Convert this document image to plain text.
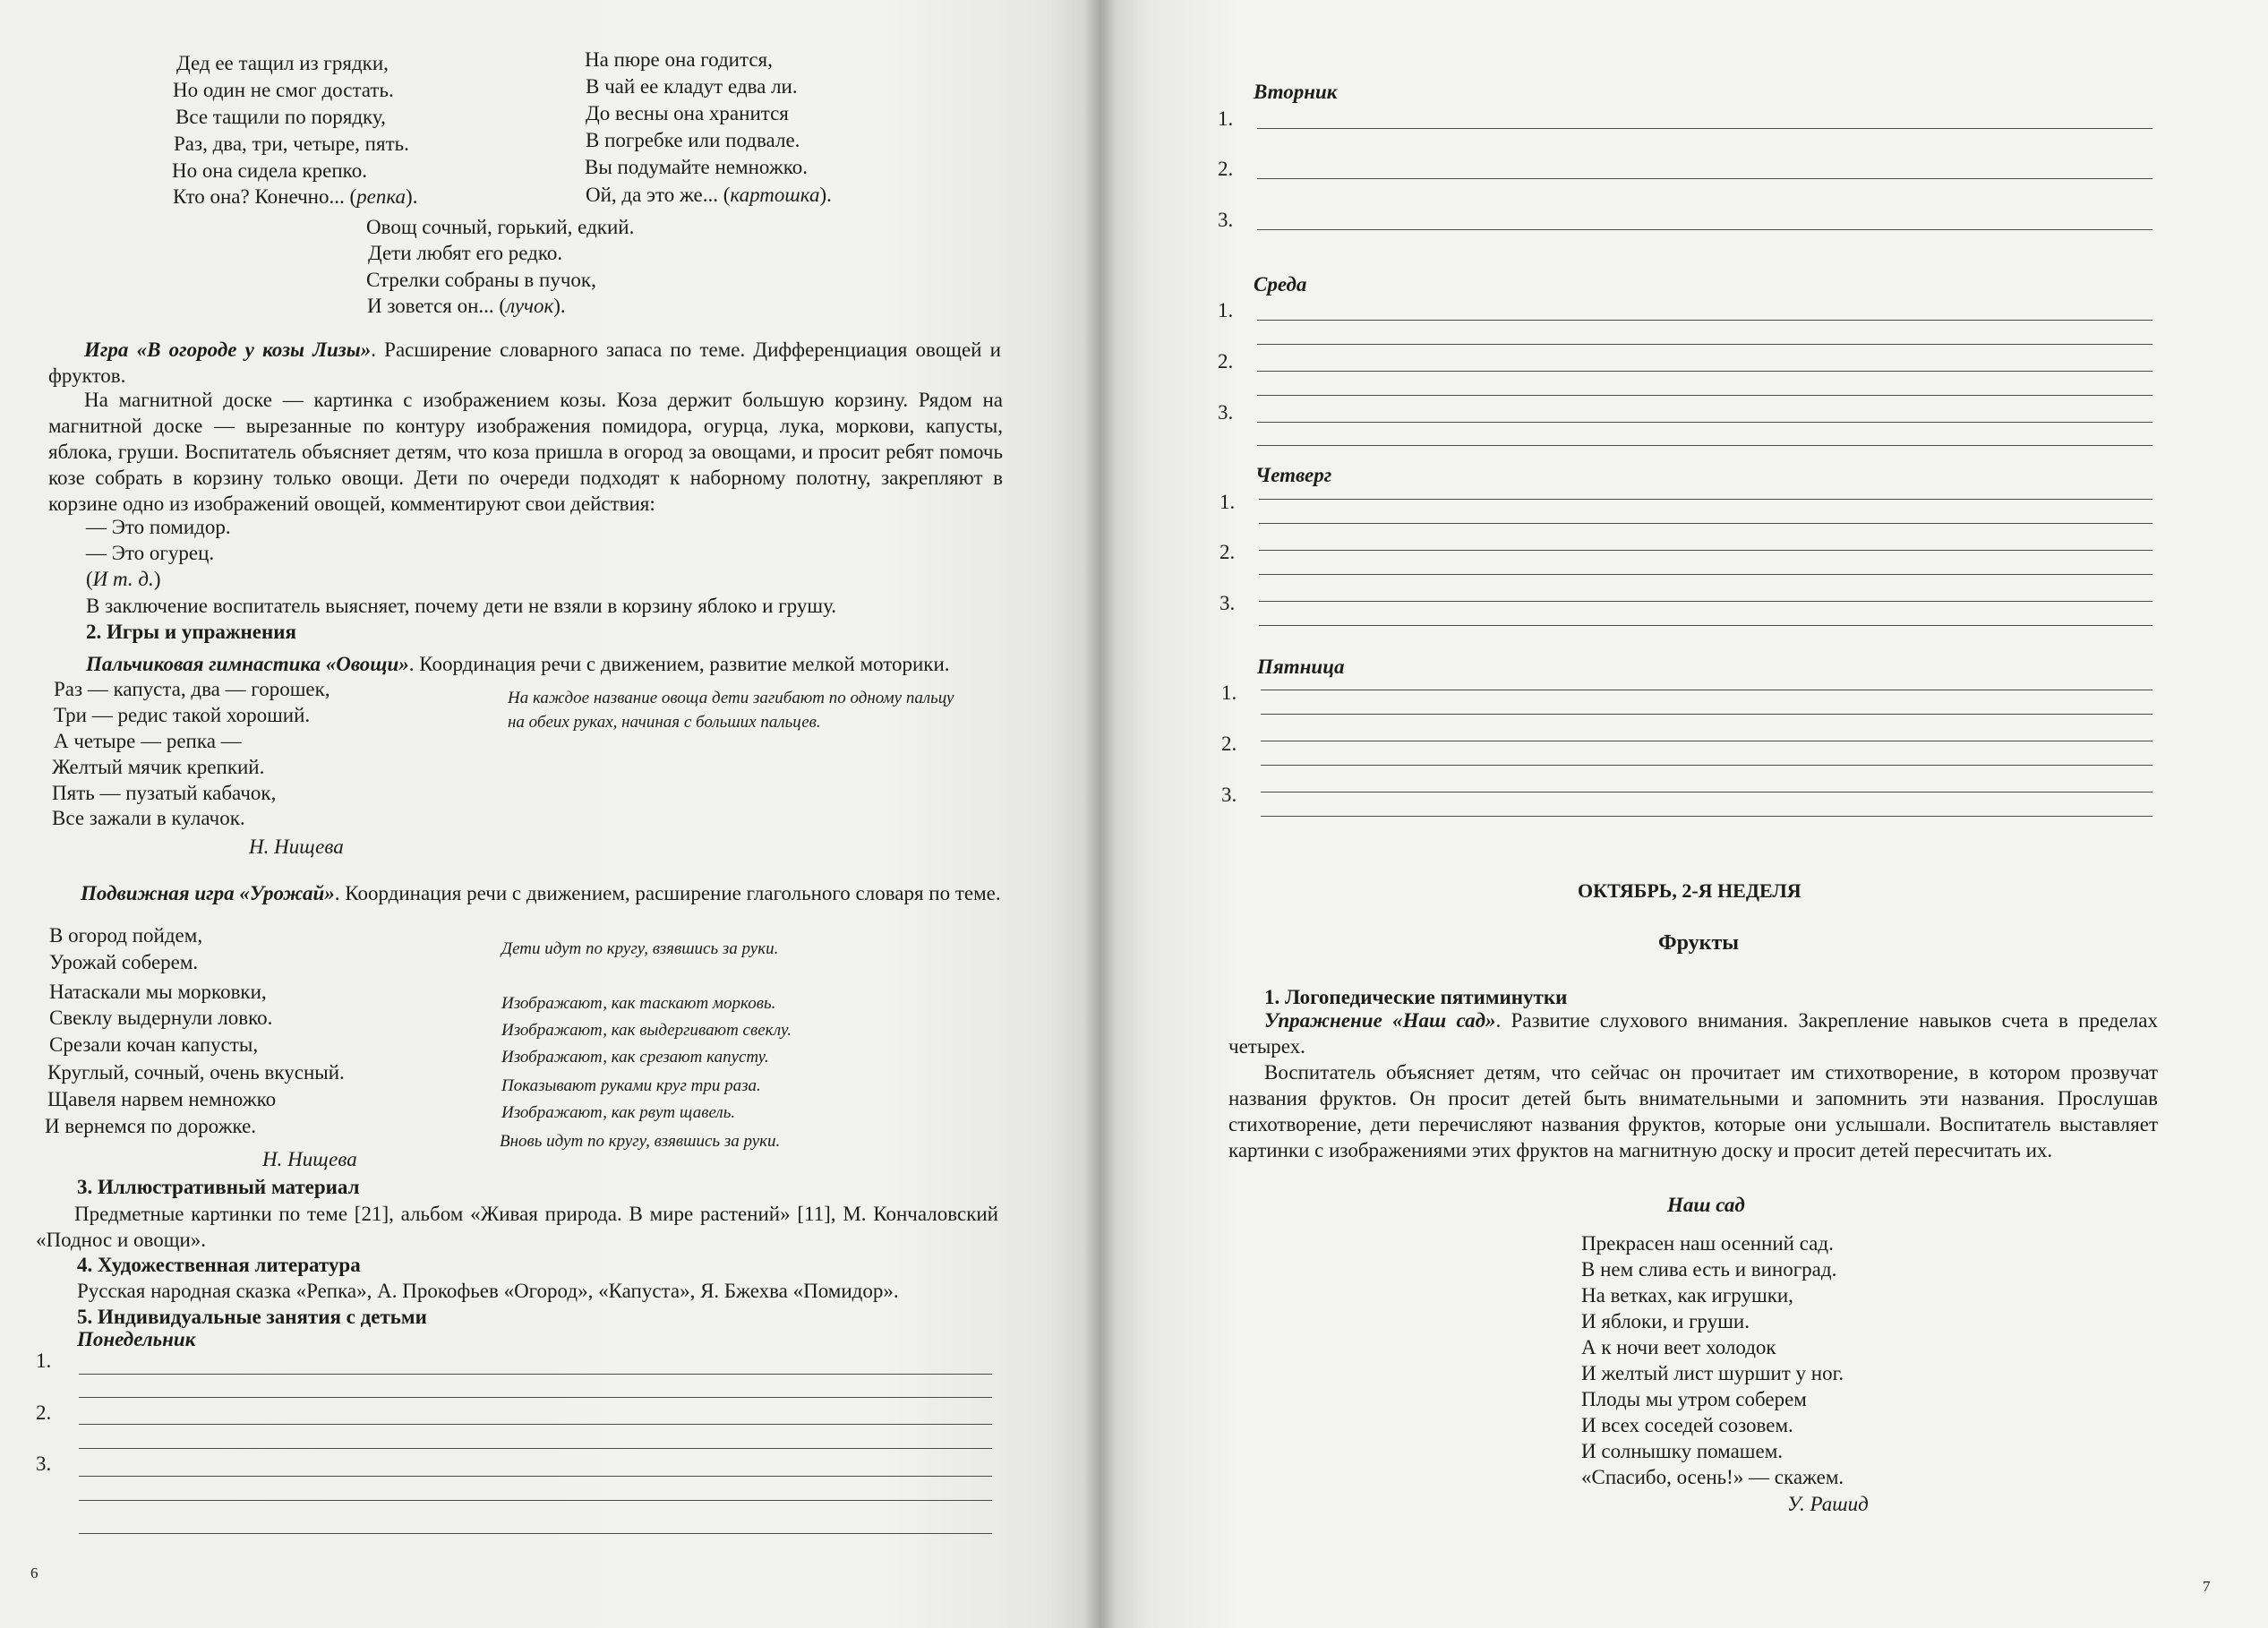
Дед ее тащил из грядки,
Но один не смог достать.
Все тащили по порядку,
Раз, два, три, четыре, пять.
Но она сидела крепко.
Кто она? Конечно... (репка).
На пюре она годится,
В чай ее кладут едва ли.
До весны она хранится
В погребке или подвале.
Вы подумайте немножко.
Ой, да это же... (картошка).
Овощ сочный, горький, едкий.
Дети любят его редко.
Стрелки собраны в пучок,
И зовется он... (лучок).
Игра «В огороде у козы Лизы». Расширение словарного запаса по теме. Дифференциация овощей и фруктов.
На магнитной доске — картинка с изображением козы. Коза держит большую корзину. Рядом на магнитной доске — вырезанные по контуру изображения помидора, огурца, лука, моркови, капусты, яблока, груши. Воспитатель объясняет детям, что коза пришла в огород за овощами, и просит ребят помочь козе собрать в корзину только овощи. Дети по очереди подходят к наборному полотну, закрепляют в корзине одно из изображений овощей, комментируют свои действия:
— Это помидор.
— Это огурец.
(И т. д.)
В заключение воспитатель выясняет, почему дети не взяли в корзину яблоко и грушу.
2. Игры и упражнения
Пальчиковая гимнастика «Овощи». Координация речи с движением, развитие мелкой моторики.
Раз — капуста, два — горошек,
Три — редис такой хороший.
А четыре — репка —
Желтый мячик крепкий.
Пять — пузатый кабачок,
Все зажали в кулачок.
На каждое название овоща дети загибают по одному пальцу
на обеих руках, начиная с больших пальцев.
Н. Нищева
Подвижная игра «Урожай». Координация речи с движением, расширение глагольного словаря по теме.
В огород пойдем,
Урожай соберем.
Натаскали мы морковки,
Свеклу выдернули ловко.
Срезали кочан капусты,
Круглый, сочный, очень вкусный.
Щавеля нарвем немножко
И вернемся по дорожке.
Дети идут по кругу, взявшись за руки.
Изображают, как таскают морковь.
Изображают, как выдергивают свеклу.
Изображают, как срезают капусту.
Показывают руками круг три раза.
Изображают, как рвут щавель.
Вновь идут по кругу, взявшись за руки.
Н. Нищева
3. Иллюстративный материал
Предметные картинки по теме [21], альбом «Живая природа. В мире растений» [11], М. Кончаловский «Поднос и овощи».
4. Художественная литература
Русская народная сказка «Репка», А. Прокофьев «Огород», «Капуста», Я. Бжехва «Помидор».
5. Индивидуальные занятия с детьми
Понедельник
1.
2.
3.
6
Вторник
1.
2.
3.
Среда
1.
2.
3.
Четверг
1.
2.
3.
Пятница
1.
2.
3.
ОКТЯБРЬ, 2-Я НЕДЕЛЯ
Фрукты
1. Логопедические пятиминутки
Упражнение «Наш сад». Развитие слухового внимания. Закрепление навыков счета в пределах четырех.
Воспитатель объясняет детям, что сейчас он прочитает им стихотворение, в котором прозвучат названия фруктов. Он просит детей быть внимательными и запомнить эти названия. Прослушав стихотворение, дети перечисляют названия фруктов, которые они услышали. Воспитатель выставляет картинки с изображениями этих фруктов на магнитную доску и просит детей пересчитать их.
Наш сад
Прекрасен наш осенний сад.
В нем слива есть и виноград.
На ветках, как игрушки,
И яблоки, и груши.
А к ночи веет холодок
И желтый лист шуршит у ног.
Плоды мы утром соберем
И всех соседей созовем.
И солнышку помашем.
«Спасибо, осень!» — скажем.
У. Рашид
7
